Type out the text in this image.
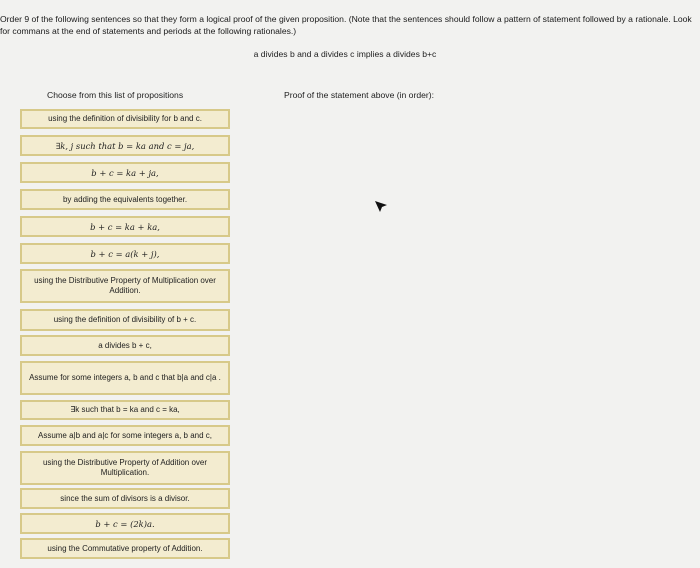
Order 9 of the following sentences so that they form a logical proof of the given proposition. (Note that the sentences should follow a pattern of statement followed by a rationale. Look for commans at the end of statements and periods at the following rationales.)
a divides b and a divides c implies a divides b+c
Choose from this list of propositions	Proof of the statement above (in order):
using the definition of divisibility for b and c.
∃k, j such that b = ka and c = ja,
b + c = ka + ja,
by adding the equivalents together.
b + c = ka + ka,
b + c = a(k + j),
using the Distributive Property of Multiplication over Addition.
using the definition of divisibility of b + c.
a divides b + c,
Assume for some integers a, b and c that b|a and c|a .
∃k such that b = ka and c = ka,
Assume a|b and a|c for some integers a, b and c,
using the Distributive Property of Addition over Multiplication.
since the sum of divisors is a divisor.
b + c = (2k)a.
using the Commutative property of Addition.
